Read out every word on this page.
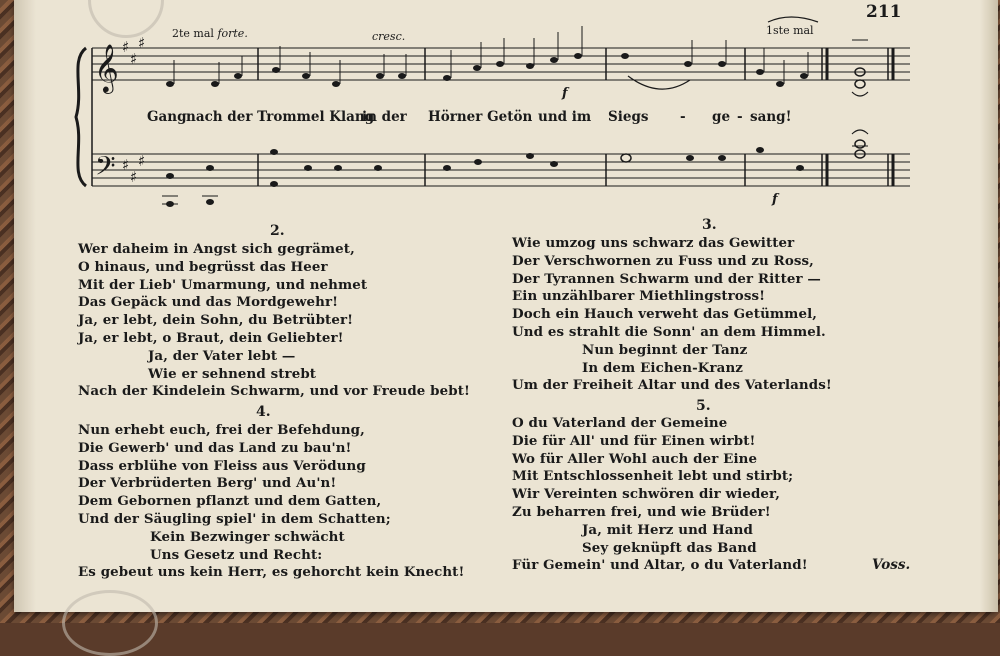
211
2te mal forte.	cresc.	1ste mal
f
f
𝄞
𝄢
♯
♯
♯
♯
♯
♯
Gang nach der Trommel Klang
in der Hörner Getön und im Siegs - ge - sang!
2.
Wer daheim in Angst sich gegrämet,
O hinaus, und begrüsst das Heer
Mit der Lieb' Umarmung, und nehmet
Das Gepäck und das Mordgewehr!
Ja, er lebt, dein Sohn, du Betrübter!
Ja, er lebt, o Braut, dein Geliebter!
Ja, der Vater lebt —
Wie er sehnend strebt
Nach der Kindelein Schwarm, und vor Freude bebt!
4.
Nun erhebt euch, frei der Befehdung,
Die Gewerb' und das Land zu bau'n!
Dass erblühe von Fleiss aus Verödung
Der Verbrüderten Berg' und Au'n!
Dem Gebornen pflanzt und dem Gatten,
Und der Säugling spiel' in dem Schatten;
Kein Bezwinger schwächt
Uns Gesetz und Recht:
Es gebeut uns kein Herr, es gehorcht kein Knecht!
3.
Wie umzog uns schwarz das Gewitter
Der Verschwornen zu Fuss und zu Ross,
Der Tyrannen Schwarm und der Ritter —
Ein unzählbarer Miethlingstross!
Doch ein Hauch verweht das Getümmel,
Und es strahlt die Sonn' an dem Himmel.
Nun beginnt der Tanz
In dem Eichen-Kranz
Um der Freiheit Altar und des Vaterlands!
5.
O du Vaterland der Gemeine
Die für All' und für Einen wirbt!
Wo für Aller Wohl auch der Eine
Mit Entschlossenheit lebt und stirbt;
Wir Vereinten schwören dir wieder,
Zu beharren frei, und wie Brüder!
Ja, mit Herz und Hand
Sey geknüpft das Band
Für Gemein' und Altar, o du Vaterland!	Voss.
